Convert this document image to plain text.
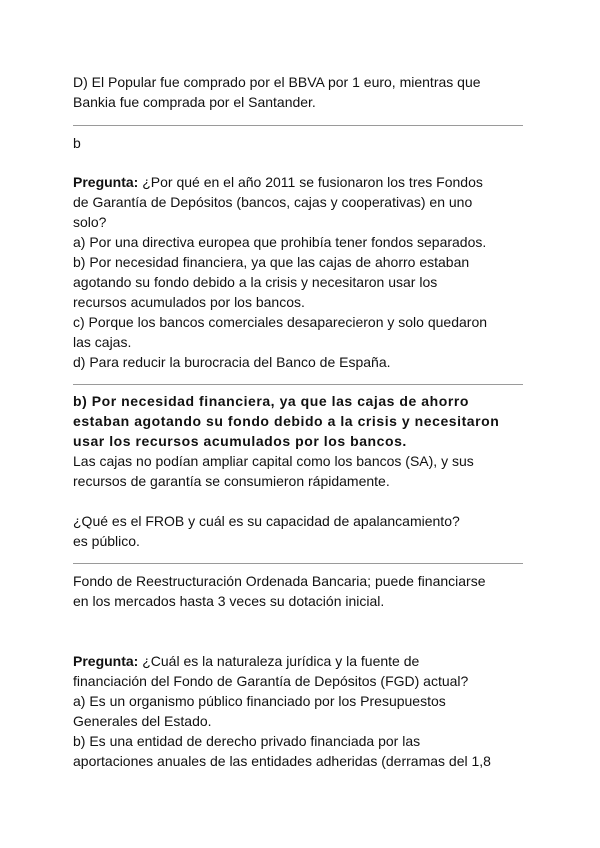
D) El Popular fue comprado por el BBVA por 1 euro, mientras que
Bankia fue comprada por el Santander.
b
Pregunta: ¿Por qué en el año 2011 se fusionaron los tres Fondos
de Garantía de Depósitos (bancos, cajas y cooperativas) en uno
solo?
a) Por una directiva europea que prohibía tener fondos separados.
b) Por necesidad financiera, ya que las cajas de ahorro estaban
agotando su fondo debido a la crisis y necesitaron usar los
recursos acumulados por los bancos.
c) Porque los bancos comerciales desaparecieron y solo quedaron
las cajas.
d) Para reducir la burocracia del Banco de España.
b) Por necesidad financiera, ya que las cajas de ahorro
estaban agotando su fondo debido a la crisis y necesitaron
usar los recursos acumulados por los bancos.
Las cajas no podían ampliar capital como los bancos (SA), y sus
recursos de garantía se consumieron rápidamente.
¿Qué es el FROB y cuál es su capacidad de apalancamiento?
es público.
Fondo de Reestructuración Ordenada Bancaria; puede financiarse
en los mercados hasta 3 veces su dotación inicial.
Pregunta: ¿Cuál es la naturaleza jurídica y la fuente de
financiación del Fondo de Garantía de Depósitos (FGD) actual?
a) Es un organismo público financiado por los Presupuestos
Generales del Estado.
b) Es una entidad de derecho privado financiada por las
aportaciones anuales de las entidades adheridas (derramas del 1,8
